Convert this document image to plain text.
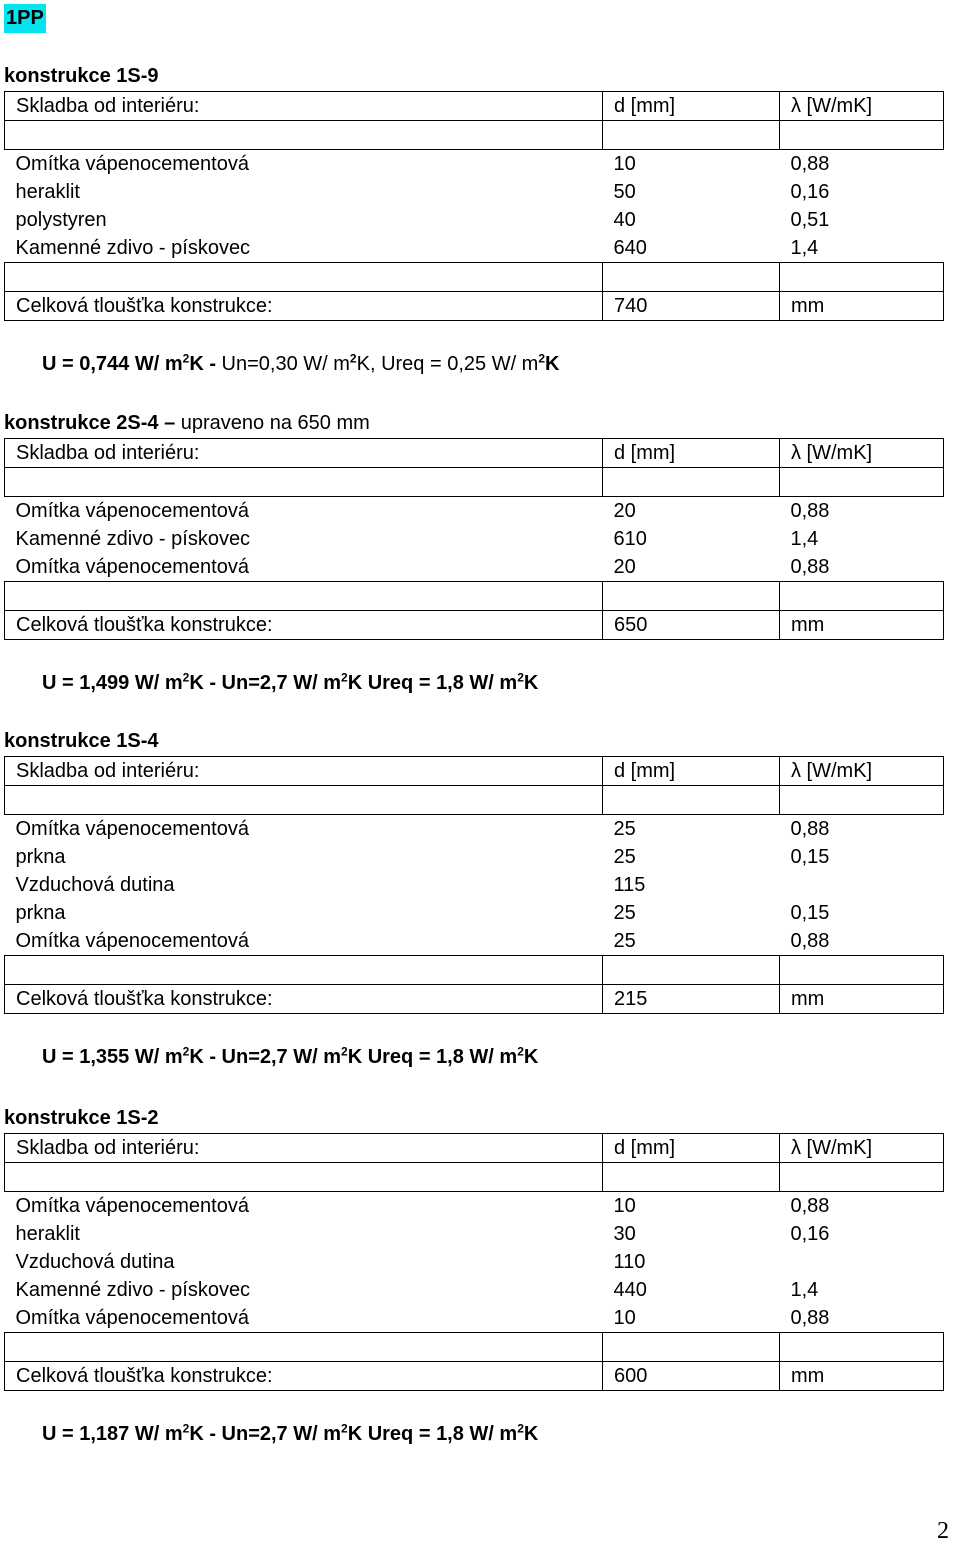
1PP
konstrukce 1S-9
Skladba od interiéru:	d [mm]	λ [W/mK]

Omítka vápenocementová	10	0,88
heraklit	50	0,16
polystyren	40	0,51
Kamenné zdivo - pískovec	640	1,4

Celková tloušťka konstrukce:	740	mm
U = 0,744 W/ $m^2K - Un=0,30$ W/ $m^2K$, Ureq = 0,25 W/ $m^2K$
konstrukce 2S-4 – upraveno na 650 mm
Skladba od interiéru:	d [mm]	λ [W/mK]

Omítka vápenocementová	20	0,88
Kamenné zdivo - pískovec	610	1,4
Omítka vápenocementová	20	0,88

Celková tloušťka konstrukce:	650	mm
U = 1,499 W/ $m^2K - Un=2,7$ W/ $m^2K$ Ureq = 1,8 W/ $m^2K$
konstrukce 1S-4
Skladba od interiéru:	d [mm]	λ [W/mK]

Omítka vápenocementová	25	0,88
prkna	25	0,15
Vzduchová dutina	115	
prkna	25	0,15
Omítka vápenocementová	25	0,88

Celková tloušťka konstrukce:	215	mm
U = 1,355 W/ $m^2K - Un=2,7$ W/ $m^2K$ Ureq = 1,8 W/ $m^2K$
konstrukce 1S-2
Skladba od interiéru:	d [mm]	λ [W/mK]

Omítka vápenocementová	10	0,88
heraklit	30	0,16
Vzduchová dutina	110	
Kamenné zdivo - pískovec	440	1,4
Omítka vápenocementová	10	0,88

Celková tloušťka konstrukce:	600	mm
U = 1,187 W/ $m^2K - Un=2,7$ W/ $m^2K$ Ureq = 1,8 W/ $m^2K$
2
